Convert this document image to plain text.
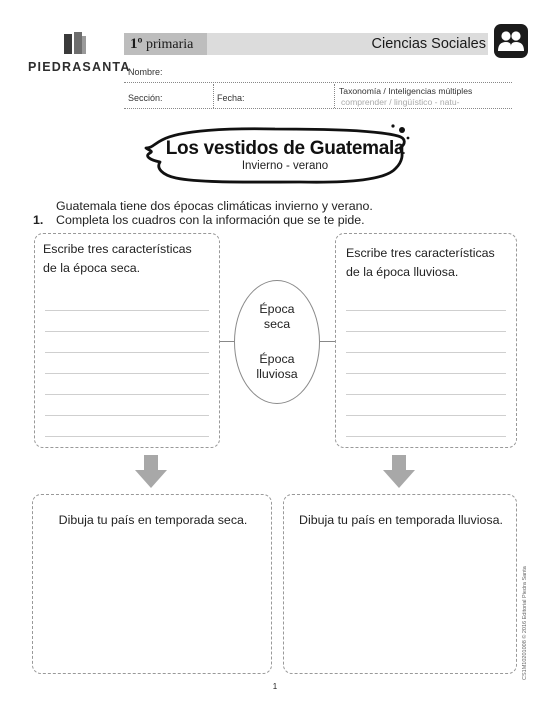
PIEDRASANTA
1º primaria	Ciencias Sociales
Nombre:
Sección:	Fecha:
Taxonomía / Inteligencias múltiples
comprender / lingüístico - natu-
Los vestidos de Guatemala
Invierno - verano
Guatemala tiene dos épocas climáticas invierno y verano.
1. Completa los cuadros con la información que se te pide.
Escribe tres características
de la época seca.
Escribe tres características
de la época lluviosa.
Época
seca
Época
lluviosa
Dibuja tu país en temporada seca.	Dibuja tu país en temporada lluviosa.
CS1M10201008 © 2016 Editorial Piedra Santa
1
